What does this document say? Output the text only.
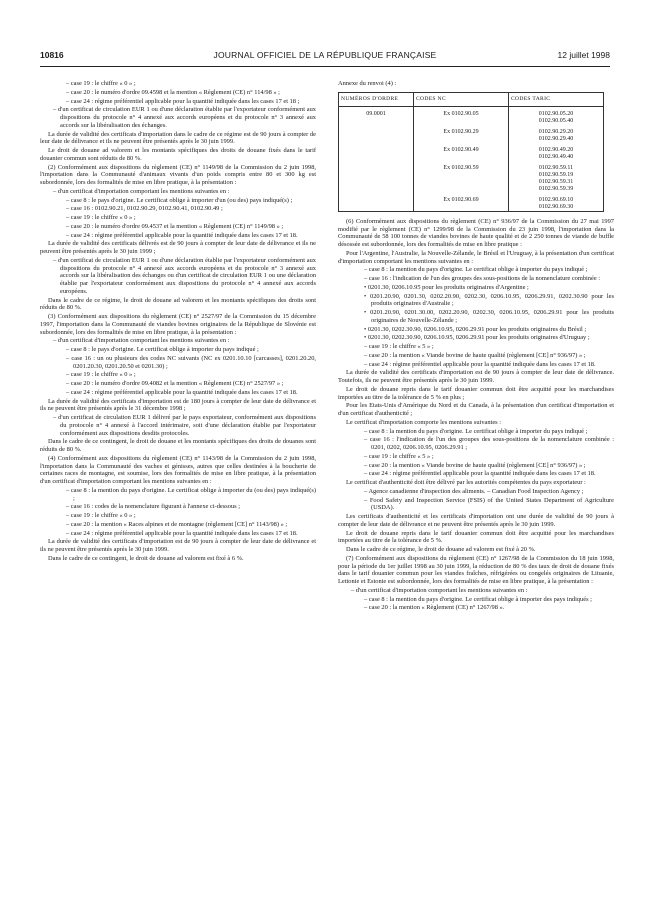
10816	JOURNAL OFFICIEL DE LA RÉPUBLIQUE FRANÇAISE	12 juillet 1998

– case 19 : le chiffre « 0 » ;

– case 20 : le numéro d'ordre 09.4598 et la mention « Règlement (CE) n° 114/98 » ;

– case 24 : régime préférentiel applicable pour la quantité indiquée dans les cases 17 et 18 ;

– d'un certificat de circulation EUR 1 ou d'une déclaration établie par l'exportateur conformément aux dispositions du protocole n° 4 annexé aux accords européens et du protocole n° 3 annexé aux accords sur la libéralisation des échanges.

La durée de validité des certificats d'importation dans le cadre de ce régime est de 90 jours à compter de leur date de délivrance et ils ne peuvent être présentés après le 30 juin 1999.

Le droit de douane ad valorem et les montants spécifiques des droits de douane fixés dans le tarif douanier commun sont réduits de 80 %.

(2) Conformément aux dispositions du règlement (CE) n° 1149/98 de la Commission du 2 juin 1998, l'importation dans la Communauté d'animaux vivants d'un poids compris entre 80 et 300 kg est subordonnée, lors des formalités de mise en libre pratique, à la présentation :

– d'un certificat d'importation comportant les mentions suivantes en :

– case 8 : le pays d'origine. Le certificat oblige à importer d'un (ou des) pays indiqué(s) ;

– case 16 : 0102.90.21, 0102.90.29, 0102.90.41, 0102.90.49 ;

– case 19 : le chiffre « 0 » ;

– case 20 : le numéro d'ordre 09.4537 et la mention « Règlement (CE) n° 1149/98 » ;

– case 24 : régime préférentiel applicable pour la quantité indiquée dans les cases 17 et 18.

La durée de validité des certificats délivrés est de 90 jours à compter de leur date de délivrance et ils ne peuvent être présentés après le 30 juin 1999 ;

– d'un certificat de circulation EUR 1 ou d'une déclaration établie par l'exportateur conformément aux dispositions du protocole n° 4 annexé aux accords européens et du protocole n° 3 annexé aux accords sur la libéralisation des échanges ou d'un certificat de circulation EUR 1 ou une déclaration établie par l'exportateur conformément aux dispositions du protocole n° 4 annexé aux accords européens.

Dans le cadre de ce régime, le droit de douane ad valorem et les montants spécifiques des droits sont réduits de 80 %.

(3) Conformément aux dispositions du règlement (CE) n° 2527/97 de la Commission du 15 décembre 1997, l'importation dans la Communauté de viandes bovines originaires de la République de Slovénie est subordonnée, lors des formalités de mise en libre pratique, à la présentation :

– d'un certificat d'importation comportant les mentions suivantes en :

– case 8 : le pays d'origine. Le certificat oblige à importer du pays indiqué ;

– case 16 : un ou plusieurs des codes NC suivants (NC ex 0201.10.10 [carcasses], 0201.20.20, 0201.20.30, 0201.20.50 et 0201.30) ;

– case 19 : le chiffre « 0 » ;

– case 20 : le numéro d'ordre 09.4082 et la mention « Règlement (CE) n° 2527/97 » ;

– case 24 : régime préférentiel applicable pour la quantité indiquée dans les cases 17 et 18.

La durée de validité des certificats d'importation est de 180 jours à compter de leur date de délivrance et ils ne peuvent être présentés après le 31 décembre 1998 ;

– d'un certificat de circulation EUR 1 délivré par le pays exportateur, conformément aux dispositions du protocole n° 4 annexé à l'accord intérimaire, soit d'une déclaration établie par l'exportateur conformément aux dispositions desdits protocoles.

Dans le cadre de ce contingent, le droit de douane et les montants spécifiques des droits de douanes sont réduits de 80 %.

(4) Conformément aux dispositions du règlement (CE) n° 1143/98 de la Commission du 2 juin 1998, l'importation dans la Communauté des vaches et génisses, autres que celles destinées à la boucherie de certaines races de montagne, est soumise, lors des formalités de mise en libre pratique, à la présentation d'un certificat d'importation comportant les mentions suivantes en :

– case 8 : la mention du pays d'origine. Le certificat oblige à importer du (ou des) pays indiqué(s) ;

– case 16 : codes de la nomenclature figurant à l'annexe ci-dessous ;

– case 19 : le chiffre « 0 » ;

– case 20 : la mention « Races alpines et de montagne (règlement [CE] n° 1143/98) » ;

– case 24 : régime préférentiel applicable pour la quantité indiquée dans les cases 17 et 18.

La durée de validité des certificats d'importation est de 90 jours à compter de leur date de délivrance et ils ne peuvent être présentés après le 30 juin 1999.

Dans le cadre de ce contingent, le droit de douane ad valorem est fixé à 6 %.

Annexe du renvoi (4) :

NUMÉROS D'ORDRE	CODES NC	CODES TARIC
09.0001	Ex 0102.90.05	0102.90.05.20
0102.90.05.40

	Ex 0102.90.29	0102.90.29.20
0102.90.29.40

	Ex 0102.90.49	0102.90.49.20
0102.90.49.40

	Ex 0102.90.59	0102.90.59.11
0102.90.59.19
0102.90.59.31
0102.90.59.39

	Ex 0102.90.69	0102.90.69.10
0102.90.69.30

(6) Conformément aux dispositions du règlement (CE) n° 936/97 de la Commission du 27 mai 1997 modifié par le règlement (CE) n° 1299/98 de la Commission du 23 juin 1998, l'importation dans la Communauté de 58 100 tonnes de viandes bovines de haute qualité et de 2 250 tonnes de viande de buffle désossée est subordonnée, lors des formalités de mise en libre pratique :

Pour l'Argentine, l'Australie, la Nouvelle-Zélande, le Brésil et l'Uruguay, à la présentation d'un certificat d'importation comportant les mentions suivantes en :

– case 8 : la mention du pays d'origine. Le certificat oblige à importer du pays indiqué ;

– case 16 : l'indication de l'un des groupes des sous-positions de la nomenclature combinée :

• 0201.30, 0206.10.95 pour les produits originaires d'Argentine ;

• 0201.20.90, 0201.30, 0202.20.90, 0202.30, 0206.10.95, 0206.29.91, 0202.30.90 pour les produits originaires d'Australie ;

• 0201.20.90, 0201.30.00, 0202.20.90, 0202.30, 0206.10.95, 0206.29.91 pour les produits originaires de Nouvelle-Zélande ;

• 0201.30, 0202.30.90, 0206.10.95, 0206.29.91 pour les produits originaires du Brésil ;

• 0201.30, 0202.30.90, 0206.10.95, 0206.29.91 pour les produits originaires d'Uruguay ;

– case 19 : le chiffre « 5 » ;

– case 20 : la mention « Viande bovine de haute qualité (règlement [CE] n° 936/97) » ;

– case 24 : régime préférentiel applicable pour la quantité indiquée dans les cases 17 et 18.

La durée de validité des certificats d'importation est de 90 jours à compter de leur date de délivrance. Toutefois, ils ne peuvent être présentés après le 30 juin 1999.

Le droit de douane repris dans le tarif douanier commun doit être acquitté pour les marchandises importées au titre de la tolérance de 5 % en plus ;

Pour les Etats-Unis d'Amérique du Nord et du Canada, à la présentation d'un certificat d'importation et d'un certificat d'authenticité ;

Le certificat d'importation comporte les mentions suivantes :

– case 8 : la mention du pays d'origine. Le certificat oblige à importer du pays indiqué ;

– case 16 : l'indication de l'un des groupes des sous-positions de la nomenclature combinée : 0201, 0202, 0206.10.95, 0206.29.91 ;

– case 19 : le chiffre « 5 » ;

– case 20 : la mention « Viande bovine de haute qualité (règlement [CE] n° 936/97) » ;

– case 24 : régime préférentiel applicable pour la quantité indiquée dans les cases 17 et 18.

Le certificat d'authenticité doit être délivré par les autorités compétentes du pays exportateur :

– Agence canadienne d'inspection des aliments. – Canadian Food Inspection Agency ;

– Food Safety and Inspection Service (FSIS) of the United States Department of Agriculture (USDA).

Les certificats d'authenticité et les certificats d'importation ont une durée de validité de 90 jours à compter de leur date de délivrance et ne peuvent être présentés après le 30 juin 1999.

Le droit de douane repris dans le tarif douanier commun doit être acquitté pour les marchandises importées au titre de la tolérance de 5 %.

Dans le cadre de ce régime, le droit de douane ad valorem est fixé à 20 %.

(7) Conformément aux dispositions du règlement (CE) n° 1267/98 de la Commission du 18 juin 1998, pour la période du 1er juillet 1998 au 30 juin 1999, la réduction de 80 % des taux de droit de douane fixés dans le tarif douanier commun pour les viandes fraîches, réfrigérées ou congelés originaires de Lituanie, Lettonie et Estonie est subordonnée, lors des formalités de mise en libre pratique, à la présentation :

– d'un certificat d'importation comportant les mentions suivantes en :

– case 8 : la mention du pays d'origine. Le certificat oblige à importer des pays indiqués ;

– case 20 : la mention « Règlement (CE) n° 1267/98 ».
